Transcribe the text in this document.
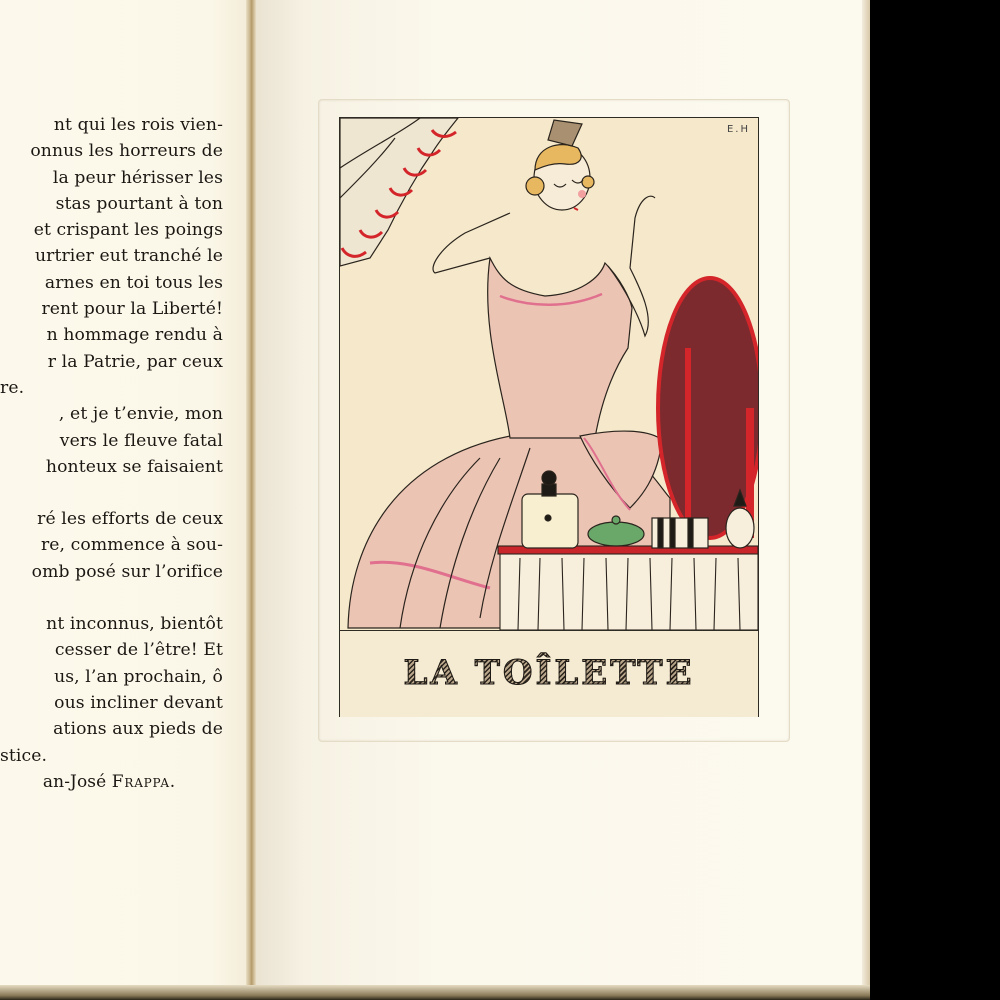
nt qui les rois vien-
onnus les horreurs de
la peur hérisser les
stas pourtant à ton
et crispant les poings
urtrier eut tranché le
arnes en toi tous les
rent pour la Liberté!
n hommage rendu à
r la Patrie, par ceux
re.
, et je t’envie, mon
vers le fleuve fatal
honteux se faisaient
ré les efforts de ceux
re, commence à sou-
omb posé sur l’orifice
nt inconnus, bientôt
cesser de l’être! Et
us, l’an prochain, ô
ous incliner devant
ations aux pieds de
stice.
an-José Frappa.
E.H
LA TOÎLETTE
